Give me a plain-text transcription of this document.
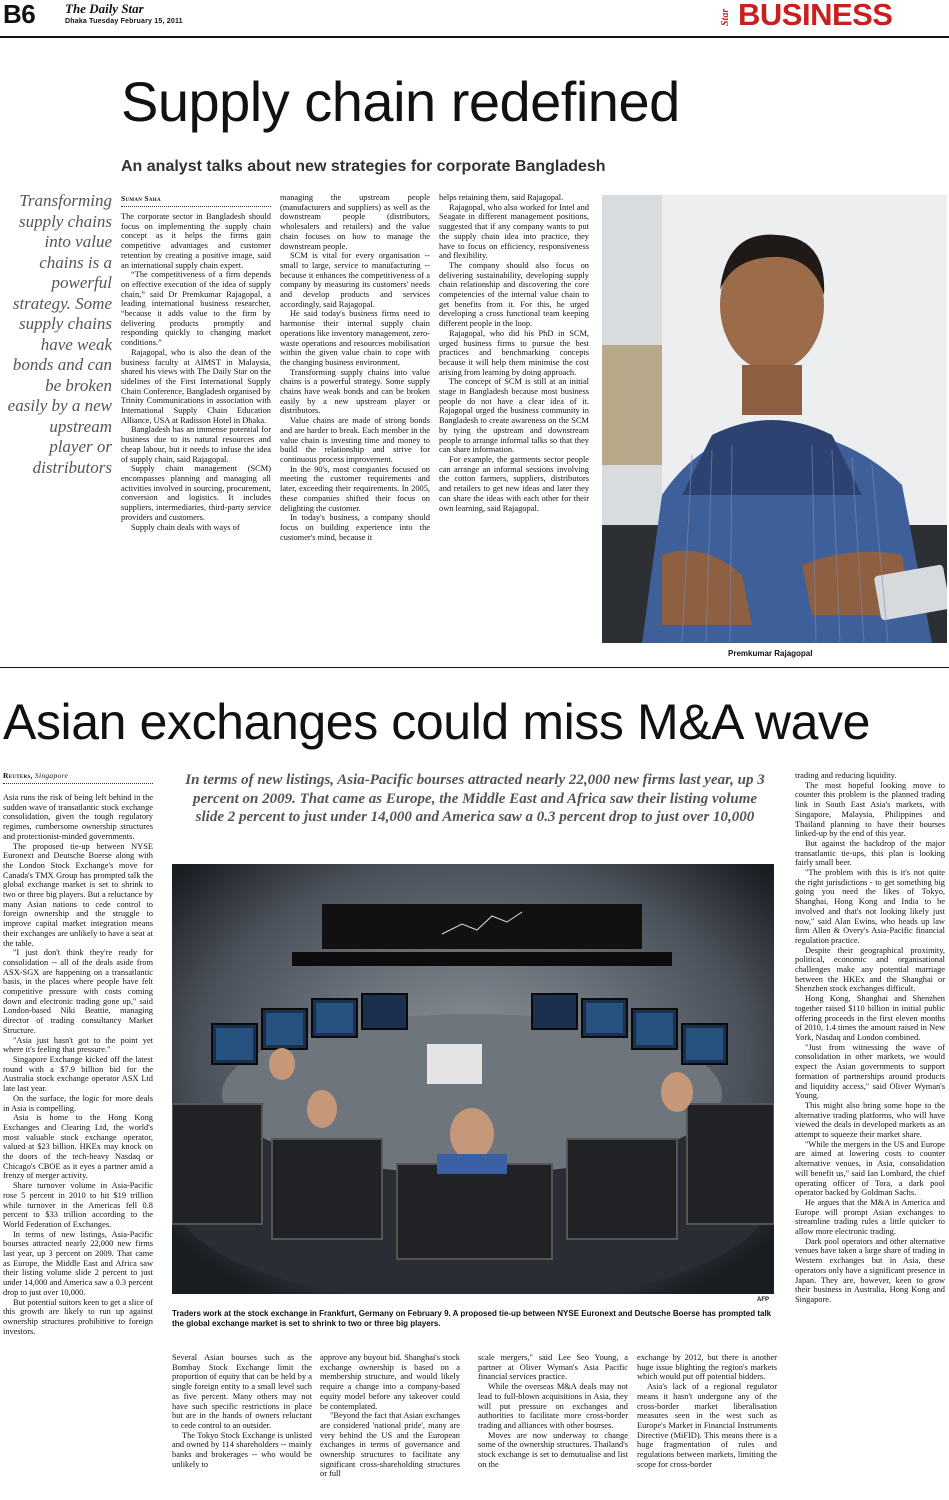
B6 The Daily Star
Dhaka Tuesday February 15, 2011	Star BUSINESS
Supply chain redefined
An analyst talks about new strategies for corporate Bangladesh
Transforming supply chains into value chains is a powerful strategy. Some supply chains have weak bonds and can be broken easily by a new upstream player or distributors
Suman Saha

The corporate sector in Bangladesh should focus on implementing the supply chain concept as it helps the firms gain competitive advantages and customer retention by creating a positive image, said an international supply chain expert.

“The competitiveness of a firm depends on effective execution of the idea of supply chain,” said Dr Premkumar Rajagopal, a leading international business researcher, “because it adds value to the firm by delivering products promptly and responding quickly to changing market conditions.”

Rajagopal, who is also the dean of the business faculty at AIMST in Malaysia, shared his views with The Daily Star on the sidelines of the First International Supply Chain Conference, Bangladesh organised by Trinity Communications in association with International Supply Chain Education Alliance, USA at Radisson Hotel in Dhaka.

Bangladesh has an immense potential for business due to its natural resources and cheap labour, but it needs to infuse the idea of supply chain, said Rajagopal.

Supply chain management (SCM) encompasses planning and managing all activities involved in sourcing, procurement, conversion and logistics. It includes suppliers, intermediaries, third-party service providers and customers.

Supply chain deals with ways of

managing the upstream people (manufacturers and suppliers) as well as the downstream people (distributors, wholesalers and retailers) and the value chain focuses on how to manage the downstream people.

SCM is vital for every organisation -- small to large, service to manufacturing -- because it enhances the competitiveness of a company by measuring its customers' needs and develop products and services accordingly, said Rajagopal.

He said today's business firms need to harmonise their internal supply chain operations like inventory management, zero-waste operations and resources mobilisation within the given value chain to cope with the changing business environment.

Transforming supply chains into value chains is a powerful strategy. Some supply chains have weak bonds and can be broken easily by a new upstream player or distributors.

Value chains are made of strong bonds and are harder to break. Each member in the value chain is investing time and money to build the relationship and strive for continuous process improvement.

In the 90's, most companies focused on meeting the customer requirements and later, exceeding their requirements. In 2005, these companies shifted their focus on delighting the customer.

In today's business, a company should focus on building experience into the customer's mind, because it

helps retaining them, said Rajagopal.

Rajagopal, who also worked for Intel and Seagate in different management positions, suggested that if any company wants to put the supply chain idea into practice, they have to focus on efficiency, responsiveness and flexibility.

The company should also focus on delivering sustainability, developing supply chain relationship and discovering the core competencies of the internal value chain to get benefits from it. For this, he urged developing a cross functional team keeping different people in the loop.

Rajagopal, who did his PhD in SCM, urged business firms to pursue the best practices and benchmarking concepts because it will help them minimise the cost arising from learning by doing approach.

The concept of SCM is still at an initial stage in Bangladesh because most business people do not have a clear idea of it. Rajagopal urged the business community in Bangladesh to create awareness on the SCM by tying the upstream and downstream people to arrange informal talks so that they can share information.

For example, the garments sector people can arrange an informal sessions involving the cotton farmers, suppliers, distributors and retailers to get new ideas and later they can share the ideas with each other for their own learning, said Rajagopal.

Premkumar Rajagopal
Asian exchanges could miss M&A wave
Reuters, Singapore	In terms of new listings, Asia-Pacific bourses attracted nearly 22,000 new firms last year, up 3 percent on 2009. That came as Europe, the Middle East and Africa saw their listing volume slide 2 percent to just under 14,000 and America saw a 0.3 percent drop to just over 10,000

Asia runs the risk of being left behind in the sudden wave of transatlantic stock exchange consolidation, given the tough regulatory regimes, cumbersome ownership structures and protectionist-minded governments.

The proposed tie-up between NYSE Euronext and Deutsche Boerse along with the London Stock Exchange's move for Canada's TMX Group has prompted talk the global exchange market is set to shrink to two or three big players. But a reluctance by many Asian nations to cede control to foreign ownership and the struggle to improve capital market integration means their exchanges are unlikely to have a seat at the table.

"I just don't think they're ready for consolidation -- all of the deals aside from ASX-SGX are happening on a transatlantic basis, in the places where people have felt competitive pressure with costs coming down and electronic trading gone up," said London-based Niki Beattie, managing director of trading consultancy Market Structure.

"Asia just hasn't got to the point yet where it's feeling that pressure."

Singapore Exchange kicked off the latest round with a $7.9 billion bid for the Australia stock exchange operator ASX Ltd late last year.

On the surface, the logic for more deals in Asia is compelling.

Asia is home to the Hong Kong Exchanges and Clearing Ltd, the world's most valuable stock exchange operator, valued at $23 billion. HKEx may knock on the doors of the tech-heavy Nasdaq or Chicago's CBOE as it eyes a partner amid a frenzy of merger activity.

Share turnover volume in Asia-Pacific rose 5 percent in 2010 to hit $19 trillion while turnover in the Americas fell 0.8 percent to $33 trillion according to the World Federation of Exchanges.

In terms of new listings, Asia-Pacific bourses attracted nearly 22,000 new firms last year, up 3 percent on 2009. That came as Europe, the Middle East and Africa saw their listing volume slide 2 percent to just under 14,000 and America saw a 0.3 percent drop to just over 10,000.

But potential suitors keen to get a slice of this growth are likely to run up against ownership structures prohibitive to foreign investors.

AFP
Traders work at the stock exchange in Frankfurt, Germany on February 9. A proposed tie-up between NYSE Euronext and Deutsche Boerse has prompted talk the global exchange market is set to shrink to two or three big players.

Several Asian bourses such as the Bombay Stock Exchange limit the proportion of equity that can be held by a single foreign entity to a small level such as five percent. Many others may not have such specific restrictions in place but are in the hands of owners reluctant to cede control to an outsider.

The Tokyo Stock Exchange is unlisted and owned by 114 shareholders -- mainly banks and brokerages -- who would be unlikely to

approve any buyout bid. Shanghai's stock exchange ownership is based on a membership structure, and would likely require a change into a company-based equity model before any takeover could be contemplated.

"Beyond the fact that Asian exchanges are considered 'national pride', many are very behind the US and the European exchanges in terms of governance and ownership structures to facilitate any significant cross-shareholding structures or full

scale mergers," said Lee Seo Young, a partner at Oliver Wyman's Asia Pacific financial services practice.

While the overseas M&A deals may not lead to full-blown acquisitions in Asia, they will put pressure on exchanges and authorities to facilitate more cross-border trading and alliances with other bourses.

Moves are now underway to change some of the ownership structures. Thailand's stock exchange is set to demutualise and list on the

exchange by 2012, but there is another huge issue blighting the region's markets which would put off potential bidders.

Asia's lack of a regional regulator means it hasn't undergone any of the cross-border market liberalisation measures seen in the west such as Europe's Market in Financial Instruments Directive (MiFID). This means there is a huge fragmentation of rules and regulations between markets, limiting the scope for cross-border

trading and reducing liquidity.

The most hopeful looking move to counter this problem is the planned trading link in South East Asia's markets, with Singapore, Malaysia, Philippines and Thailand planning to have their bourses linked-up by the end of this year.

But against the backdrop of the major transatlantic tie-ups, this plan is looking fairly small beer.

"The problem with this is it's not quite the right jurisdictions - to get something big going you need the likes of Tokyo, Shanghai, Hong Kong and India to be involved and that's not looking likely just now," said Alan Ewins, who heads up law firm Allen & Overy's Asia-Pacific financial regulation practice.

Despite their geographical proximity, political, economic and organisational challenges make any potential marriage between the HKEx and the Shanghai or Shenzhen stock exchanges difficult.

Hong Kong, Shanghai and Shenzhen together raised $110 billion in initial public offering proceeds in the first eleven months of 2010, 1.4 times the amount raised in New York, Nasdaq and London combined.

"Just from witnessing the wave of consolidation in other markets, we would expect the Asian governments to support formation of partnerships around products and liquidity access," said Oliver Wyman's Young.

This might also bring some hope to the alternative trading platforms, who will have viewed the deals in developed markets as an attempt to squeeze their market share.

"While the mergers in the US and Europe are aimed at lowering costs to counter alternative venues, in Asia, consolidation will benefit us," said Ian Lombard, the chief operating officer of Tora, a dark pool operator backed by Goldman Sachs.

He argues that the M&A in America and Europe will prompt Asian exchanges to streamline trading rules a little quicker to allow more electronic trading.

Dark pool operators and other alternative venues have taken a large share of trading in Western exchanges but in Asia, these operators only have a significant presence in Japan. They are, however, keen to grow their business in Australia, Hong Kong and Singapore.
